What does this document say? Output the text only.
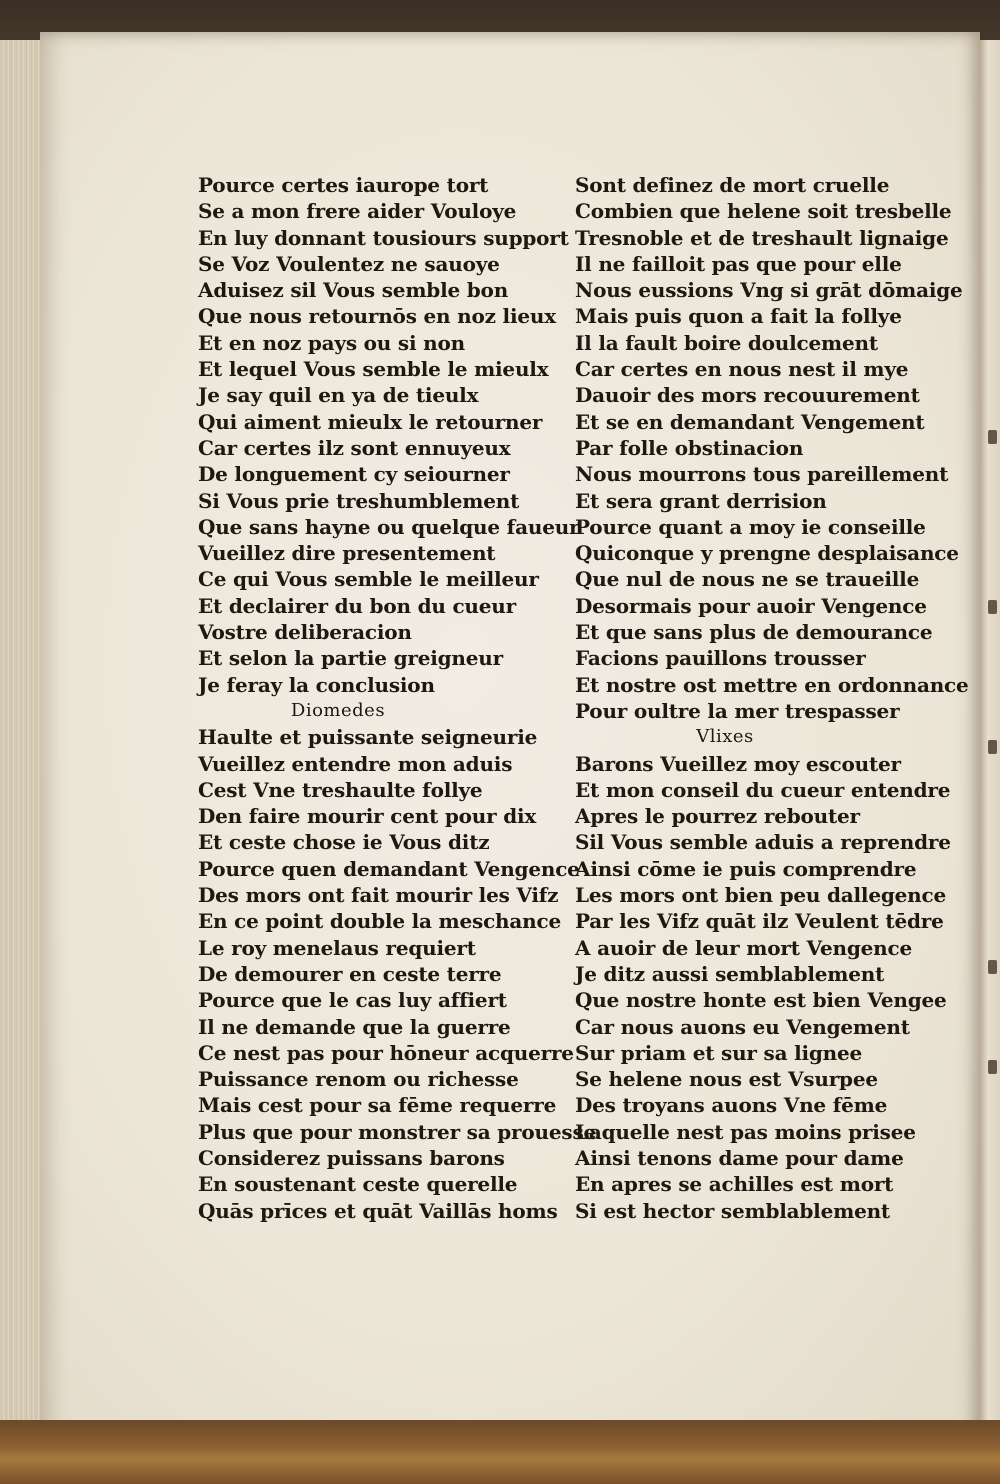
Pource certes iaurope tort
Se a mon frere aider Vouloye
En luy donnant tousiours support
Se Voz Voulentez ne sauoye
Aduisez sil Vous semble bon
Que nous retournōs en noz lieux
Et en noz pays ou si non
Et lequel Vous semble le mieulx
Je say quil en ya de tieulx
Qui aiment mieulx le retourner
Car certes ilz sont ennuyeux
De longuement cy seiourner
Si Vous prie treshumblement
Que sans hayne ou quelque faueur
Vueillez dire presentement
Ce qui Vous semble le meilleur
Et declairer du bon du cueur
Vostre deliberacion
Et selon la partie greigneur
Je feray la conclusion
Diomedes
Haulte et puissante seigneurie
Vueillez entendre mon aduis
Cest Vne treshaulte follye
Den faire mourir cent pour dix
Et ceste chose ie Vous ditz
Pource quen demandant Vengence
Des mors ont fait mourir les Vifz
En ce point double la meschance
Le roy menelaus requiert
De demourer en ceste terre
Pource que le cas luy affiert
Il ne demande que la guerre
Ce nest pas pour hōneur acquerre
Puissance renom ou richesse
Mais cest pour sa fēme requerre
Plus que pour monstrer sa prouesse
Considerez puissans barons
En soustenant ceste querelle
Quās prīces et quāt Vaillās homs
Sont definez de mort cruelle
Combien que helene soit tresbelle
Tresnoble et de treshault lignaige
Il ne failloit pas que pour elle
Nous eussions Vng si grāt dōmaige
Mais puis quon a fait la follye
Il la fault boire doulcement
Car certes en nous nest il mye
Dauoir des mors recouurement
Et se en demandant Vengement
Par folle obstinacion
Nous mourrons tous pareillement
Et sera grant derrision
Pource quant a moy ie conseille
Quiconque y prengne desplaisance
Que nul de nous ne se traueille
Desormais pour auoir Vengence
Et que sans plus de demourance
Facions pauillons trousser
Et nostre ost mettre en ordonnance
Pour oultre la mer trespasser
Vlixes
Barons Vueillez moy escouter
Et mon conseil du cueur entendre
Apres le pourrez rebouter
Sil Vous semble aduis a reprendre
Ainsi cōme ie puis comprendre
Les mors ont bien peu dallegence
Par les Vifz quāt ilz Veulent tēdre
A auoir de leur mort Vengence
Je ditz aussi semblablement
Que nostre honte est bien Vengee
Car nous auons eu Vengement
Sur priam et sur sa lignee
Se helene nous est Vsurpee
Des troyans auons Vne fēme
Laquelle nest pas moins prisee
Ainsi tenons dame pour dame
En apres se achilles est mort
Si est hector semblablement
